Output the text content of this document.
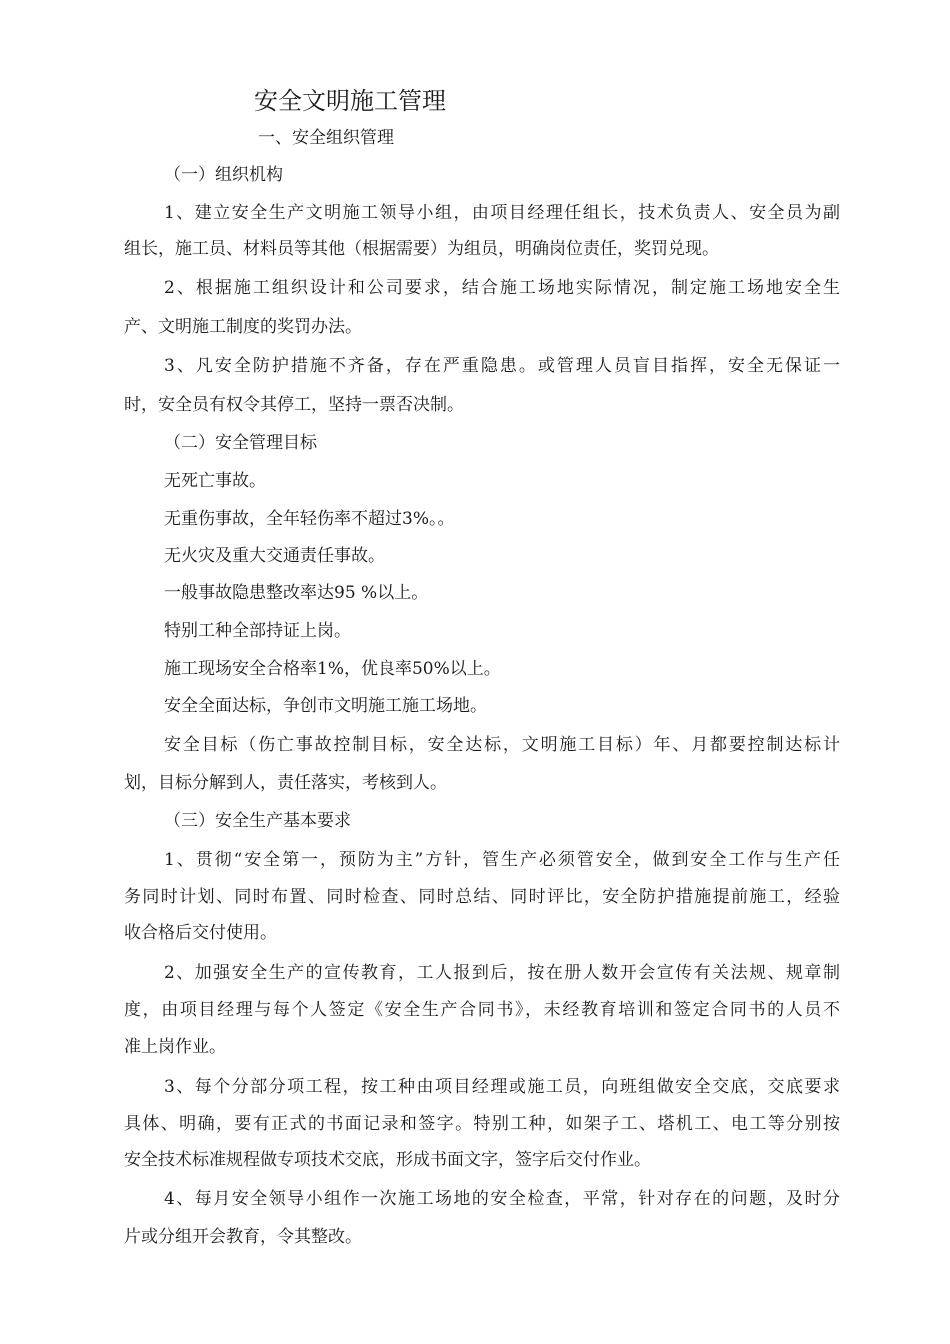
安全文明施工管理

一、安全组织管理

（一）组织机构

1、建立安全生产文明施工领导小组，由项目经理任组长，技术负责人、安全员为副

组长，施工员、材料员等其他（根据需要）为组员，明确岗位责任，奖罚兑现。

2、根据施工组织设计和公司要求，结合施工场地实际情况，制定施工场地安全生

产、文明施工制度的奖罚办法。

3、凡安全防护措施不齐备，存在严重隐患。或管理人员盲目指挥，安全无保证一

时，安全员有权令其停工，坚持一票否决制。

（二）安全管理目标

无死亡事故。

无重伤事故，全年轻伤率不超过3%。。

无火灾及重大交通责任事故。

一般事故隐患整改率达95 %以上。

特别工种全部持证上岗。

施工现场安全合格率1%，优良率50%以上。

安全全面达标，争创市文明施工施工场地。

安全目标（伤亡事故控制目标，安全达标，文明施工目标）年、月都要控制达标计

划，目标分解到人，责任落实，考核到人。

（三）安全生产基本要求

1、贯彻“安全第一，预防为主”方针，管生产必须管安全，做到安全工作与生产任

务同时计划、同时布置、同时检查、同时总结、同时评比，安全防护措施提前施工，经验

收合格后交付使用。

2、加强安全生产的宣传教育，工人报到后，按在册人数开会宣传有关法规、规章制

度，由项目经理与每个人签定《安全生产合同书》，未经教育培训和签定合同书的人员不

准上岗作业。

3、每个分部分项工程，按工种由项目经理或施工员，向班组做安全交底，交底要求

具体、明确，要有正式的书面记录和签字。特别工种，如架子工、塔机工、电工等分别按

安全技术标准规程做专项技术交底，形成书面文字，签字后交付作业。

4、每月安全领导小组作一次施工场地的安全检查，平常，针对存在的问题，及时分

片或分组开会教育，令其整改。
